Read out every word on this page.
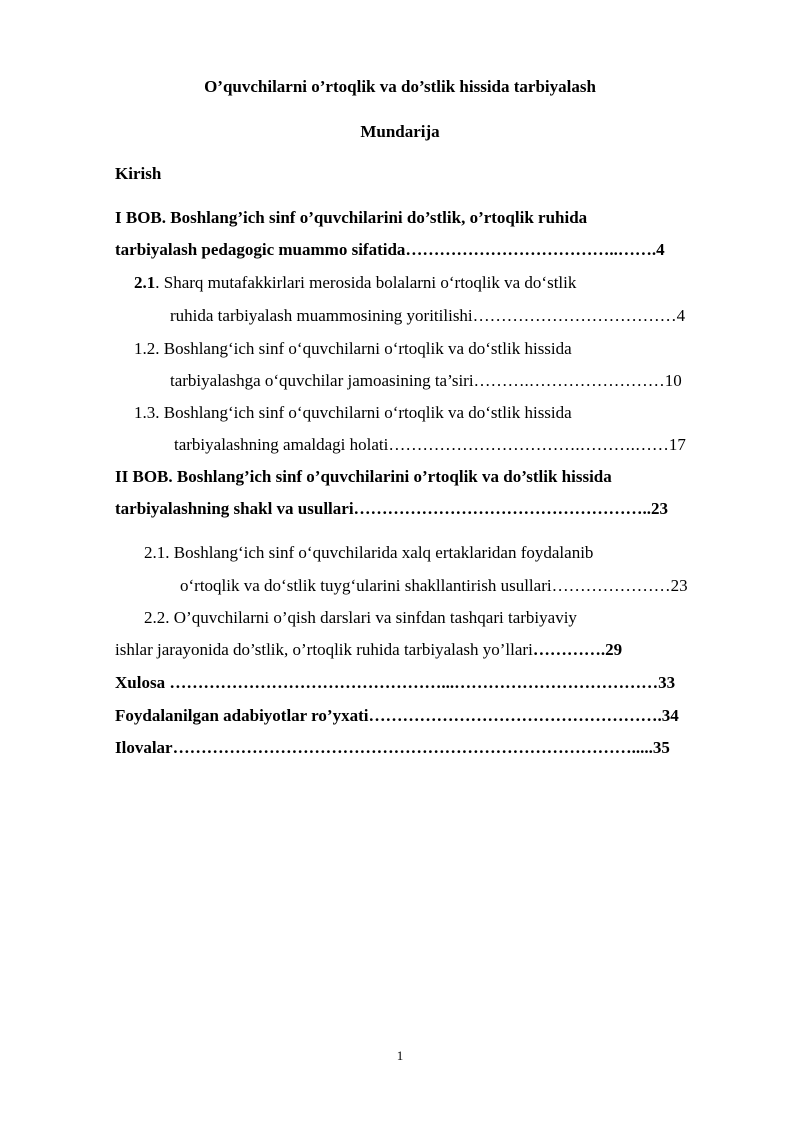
O’quvchilarni o’rtoqlik va do’stlik hissida tarbiyalash
Mundarija
Kirish
I BOB. Boshlang’ich sinf o’quvchilarini do’stlik, o’rtoqlik ruhida
tarbiyalash pedagogic muammo sifatida………………………………..…….4
2.1. Sharq mutafakkirlari merosida bolalarni o‘rtoqlik va do‘stlik
ruhida tarbiyalash muammosining yoritilishi………………………………4
1.2. Boshlang‘ich sinf o‘quvchilarni o‘rtoqlik va do‘stlik hissida
tarbiyalashga o‘quvchilar jamoasining ta’siri……….……………………10
1.3. Boshlang‘ich sinf o‘quvchilarni o‘rtoqlik va do‘stlik hissida
tarbiyalashning amaldagi holati…………………………….……….……17
II BOB. Boshlang’ich sinf o’quvchilarini o’rtoqlik va do’stlik hissida
tarbiyalashning shakl va usullari……………………………………………..23
2.1. Boshlang‘ich sinf o‘quvchilarida xalq ertaklaridan foydalanib
o‘rtoqlik va do‘stlik tuyg‘ularini shakllantirish usullari…………………23
2.2. O’quvchilarni o’qish darslari va sinfdan tashqari tarbiyaviy
ishlar jarayonida do’stlik, o’rtoqlik ruhida tarbiyalash yo’llari………….29
Xulosa …………………………………………...………………………………33
Foydalanilgan adabiyotlar ro’yxati…………………………………………….34
Ilovalar……………………………………………………………………….....35
1
